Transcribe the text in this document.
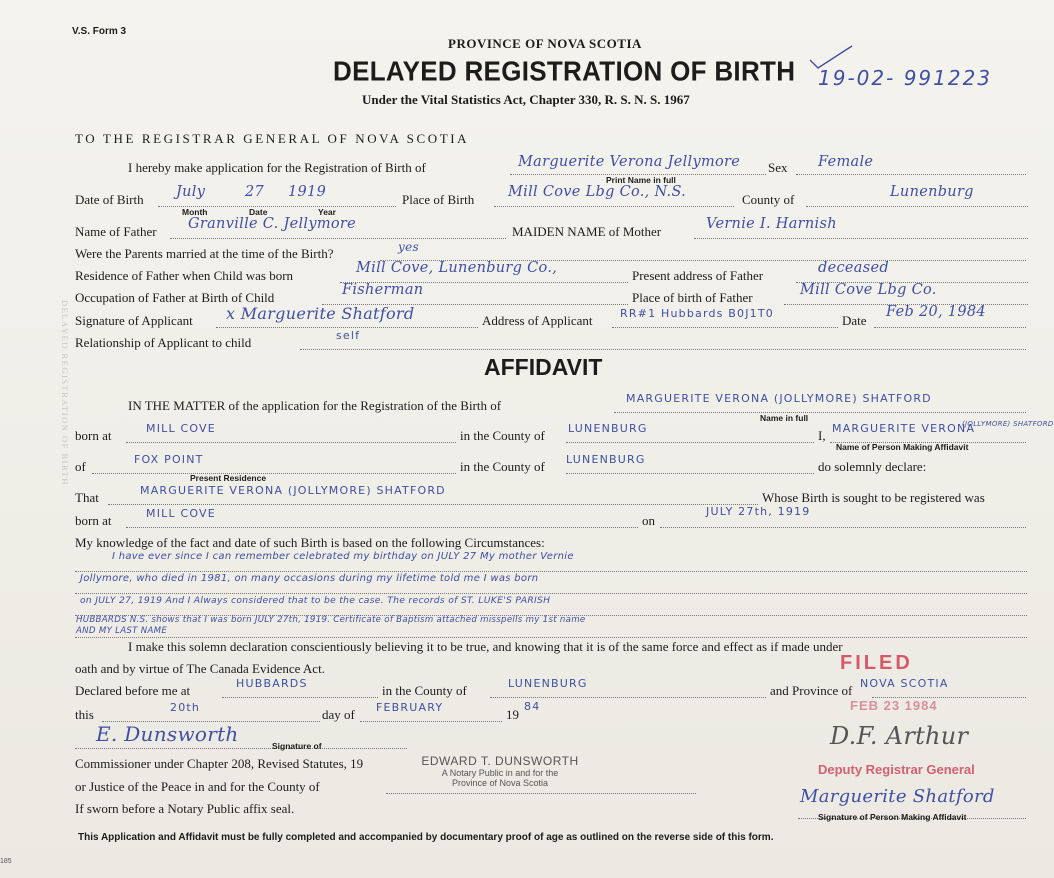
DELAYED REGISTRATION OF BIRTH
V.S. Form 3
PROVINCE OF NOVA SCOTIA
DELAYED REGISTRATION OF BIRTH 19-02- 991223
Under the Vital Statistics Act, Chapter 330, R. S. N. S. 1967
TO THE REGISTRAR GENERAL OF NOVA SCOTIA
I hereby make application for the Registration of Birth of	Marguerite Verona Jellymore
Print Name in full
Sex Female
Date of Birth July	27 1919
Month	Date	Year
Place of Birth Mill Cove Lbg Co., N.S.	County of	Lunenburg
Name of Father Granville C. Jellymore	MAIDEN NAME of Mother	Vernie I. Harnish
Were the Parents married at the time of the Birth?	yes
Residence of Father when Child was born	Mill Cove, Lunenburg Co.,	Present address of Father	deceased
Occupation of Father at Birth of Child	Fisherman	Place of birth of Father	Mill Cove Lbg Co.
Signature of Applicant x Marguerite Shatford	Address of Applicant	RR#1 Hubbards B0J1T0	Date
Feb 20, 1984
Relationship of Applicant to child	self
AFFIDAVIT
IN THE MATTER of the application for the Registration of the Birth of	MARGUERITE VERONA (JOLLYMORE) SHATFORD
Name in full
born at	MILL COVE	in the County of LUNENBURG	I, MARGUERITE VERONA
(JOLLYMORE) SHATFORD
Name of Person Making Affidavit
of	FOX POINT
Present Residence
in the County of LUNENBURG	do solemnly declare:
That	MARGUERITE VERONA (JOLLYMORE) SHATFORD	Whose Birth is sought to be registered was
born at	MILL COVE	on
JULY 27th, 1919
My knowledge of the fact and date of such Birth is based on the following Circumstances:
I have ever since I can remember celebrated my birthday on JULY 27 My mother Vernie
Jollymore, who died in 1981, on many occasions during my lifetime told me I was born
on JULY 27, 1919 And I Always considered that to be the case. The records of ST. LUKE'S PARISH
HUBBARDS N.S. shows that I was born JULY 27th, 1919. Certificate of Baptism attached misspells my 1st name
AND MY LAST NAME
I make this solemn declaration conscientiously believing it to be true, and knowing that it is of the same force and effect as if made under
oath and by virtue of The Canada Evidence Act.
Declared before me at	HUBBARDS	in the County of	LUNENBURG	and Province of NOVA SCOTIA
this	20th	day of FEBRUARY	19
84
E. Dunsworth	Signature of
Commissioner under Chapter 208, Revised Statutes, 19
or Justice of the Peace in and for the County of
If sworn before a Notary Public affix seal.
EDWARD T. DUNSWORTH
A Notary Public in and for the
Province of Nova Scotia
FILED
FEB 23 1984
D.F. Arthur
Deputy Registrar General
Marguerite Shatford
Signature of Person Making Affidavit
This Application and Affidavit must be fully completed and accompanied by documentary proof of age as outlined on the reverse side of this form.
185
